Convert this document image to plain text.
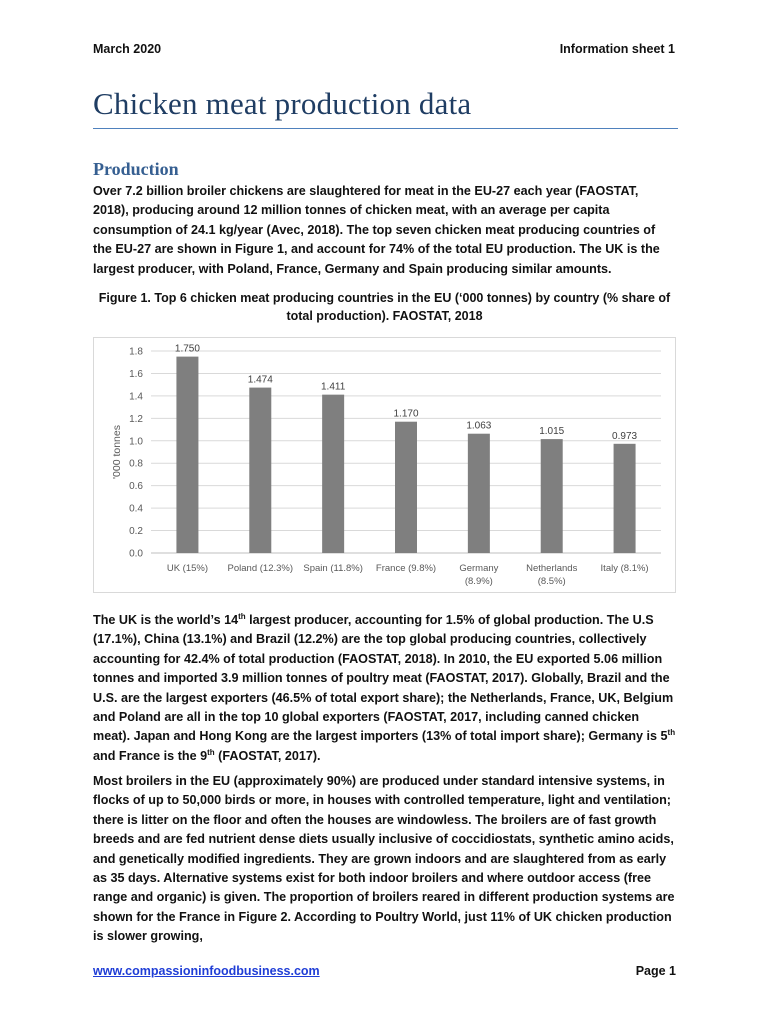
March 2020	Information sheet 1
Chicken meat production data
Production
Over 7.2 billion broiler chickens are slaughtered for meat in the EU-27 each year (FAOSTAT, 2018), producing around 12 million tonnes of chicken meat, with an average per capita consumption of 24.1 kg/year (Avec, 2018). The top seven chicken meat producing countries of the EU-27 are shown in Figure 1, and account for 74% of the total EU production. The UK is the largest producer, with Poland, France, Germany and Spain producing similar amounts.
Figure 1. Top 6 chicken meat producing countries in the EU (‘000 tonnes) by country (% share of
total production). FAOSTAT, 2018
0.0
0.2
0.4
0.6
0.8
1.0
1.2
1.4
1.6
1.8
'000 tonnes
1.750
UK (15%)
1.474
Poland (12.3%)
1.411
Spain (11.8%)
1.170
France (9.8%)
1.063
Germany
(8.9%)
1.015
Netherlands
(8.5%)
0.973
Italy (8.1%)
The UK is the world’s 14th largest producer, accounting for 1.5% of global production. The U.S (17.1%), China (13.1%) and Brazil (12.2%) are the top global producing countries, collectively accounting for 42.4% of total production (FAOSTAT, 2018). In 2010, the EU exported 5.06 million tonnes and imported 3.9 million tonnes of poultry meat (FAOSTAT, 2017). Globally, Brazil and the U.S. are the largest exporters (46.5% of total export share); the Netherlands, France, UK, Belgium and Poland are all in the top 10 global exporters (FAOSTAT, 2017, including canned chicken meat). Japan and Hong Kong are the largest importers (13% of total import share); Germany is 5th and France is the 9th (FAOSTAT, 2017).
Most broilers in the EU (approximately 90%) are produced under standard intensive systems, in flocks of up to 50,000 birds or more, in houses with controlled temperature, light and ventilation; there is litter on the floor and often the houses are windowless. The broilers are of fast growth breeds and are fed nutrient dense diets usually inclusive of coccidiostats, synthetic amino acids, and genetically modified ingredients. They are grown indoors and are slaughtered from as early as 35 days. Alternative systems exist for both indoor broilers and where outdoor access (free range and organic) is given. The proportion of broilers reared in different production systems are shown for the France in Figure 2. According to Poultry World, just 11% of UK chicken production is slower growing,
www.compassioninfoodbusiness.com	Page 1
